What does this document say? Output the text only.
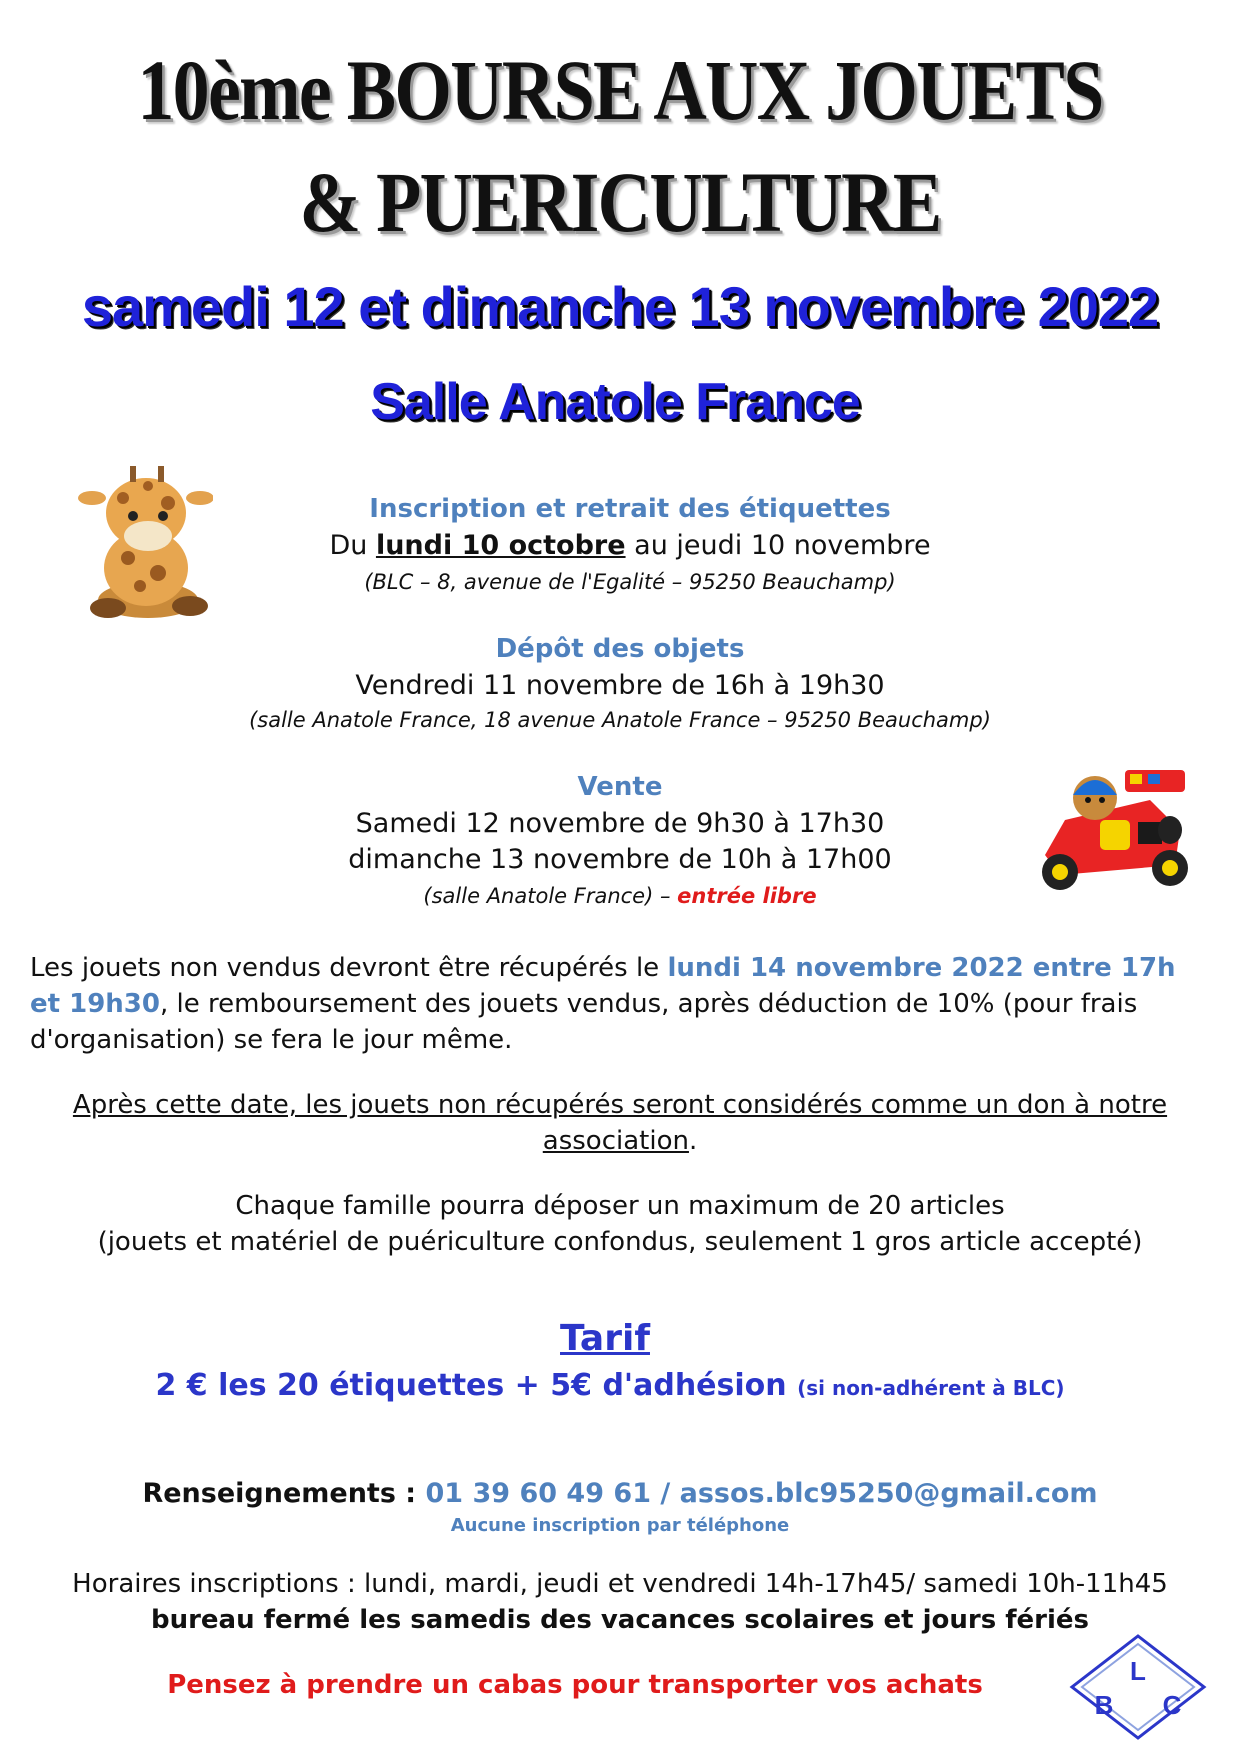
10ème BOURSE AUX JOUETS
& PUERICULTURE
samedi 12 et dimanche 13 novembre 2022
Salle Anatole France
Inscription et retrait des étiquettes
Du lundi 10 octobre au jeudi 10 novembre
(BLC – 8, avenue de l'Egalité – 95250 Beauchamp)
Dépôt des objets
Vendredi 11 novembre de 16h à 19h30
(salle Anatole France, 18 avenue Anatole France – 95250 Beauchamp)
Vente
Samedi 12 novembre de 9h30 à 17h30
dimanche 13 novembre de 10h à 17h00
(salle Anatole France) – entrée libre
Les jouets non vendus devront être récupérés le lundi 14 novembre 2022 entre 17h et 19h30, le remboursement des jouets vendus, après déduction de 10% (pour frais d'organisation) se fera le jour même.
Après cette date, les jouets non récupérés seront considérés comme un don à notre association.
Chaque famille pourra déposer un maximum de 20 articles
(jouets et matériel de puériculture confondus, seulement 1 gros article accepté)
Tarif
2 € les 20 étiquettes + 5€ d'adhésion (si non-adhérent à BLC)
Renseignements : 01 39 60 49 61 / assos.blc95250@gmail.com
Aucune inscription par téléphone
Horaires inscriptions : lundi, mardi, jeudi et vendredi 14h-17h45/ samedi 10h-11h45
bureau fermé les samedis des vacances scolaires et jours fériés
Pensez à prendre un cabas pour transporter vos achats	L
B C
